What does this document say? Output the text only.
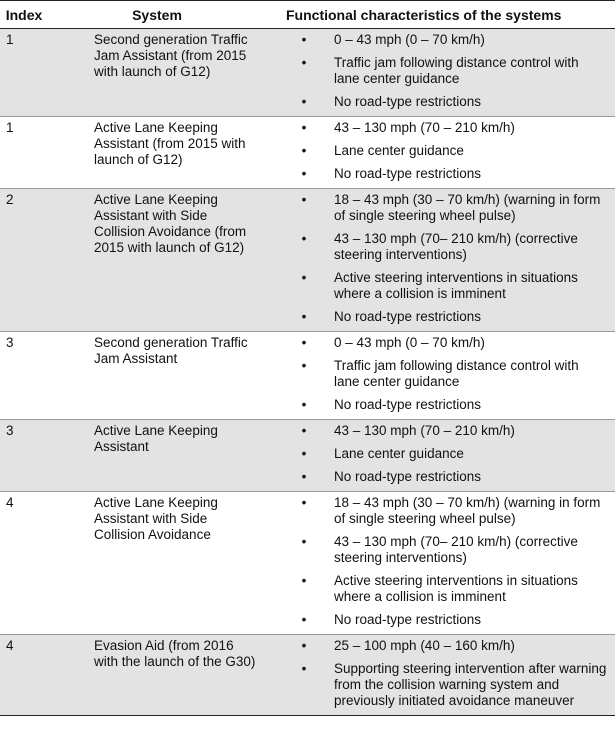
Index	System	Functional characteristics of the systems
1	Second generation Traffic Jam Assistant (from 2015 with launch of G12)
•	0 – 43 mph (0 – 70 km/h)
•	Traffic jam following distance control with lane center guidance
•	No road-type restrictions
1	Active Lane Keeping Assistant (from 2015 with launch of G12)
•	43 – 130 mph (70 – 210 km/h)
•	Lane center guidance
•	No road-type restrictions
2	Active Lane Keeping Assistant with Side Collision Avoidance (from 2015 with launch of G12)
•	18 – 43 mph (30 – 70 km/h) (warning in form of single steering wheel pulse)
•	43 – 130 mph (70– 210 km/h) (corrective steering interventions)
•	Active steering interventions in situations where a collision is imminent
•	No road-type restrictions
3	Second generation Traffic Jam Assistant
•	0 – 43 mph (0 – 70 km/h)
•	Traffic jam following distance control with lane center guidance
•	No road-type restrictions
3	Active Lane Keeping Assistant
•	43 – 130 mph (70 – 210 km/h)
•	Lane center guidance
•	No road-type restrictions
4	Active Lane Keeping Assistant with Side Collision Avoidance
•	18 – 43 mph (30 – 70 km/h) (warning in form of single steering wheel pulse)
•	43 – 130 mph (70– 210 km/h) (corrective steering interventions)
•	Active steering interventions in situations where a collision is imminent
•	No road-type restrictions
4	Evasion Aid (from 2016 with the launch of the G30)
•	25 – 100 mph (40 – 160 km/h)
•	Supporting steering intervention after warning from the collision warning system and previously initiated avoidance maneuver
